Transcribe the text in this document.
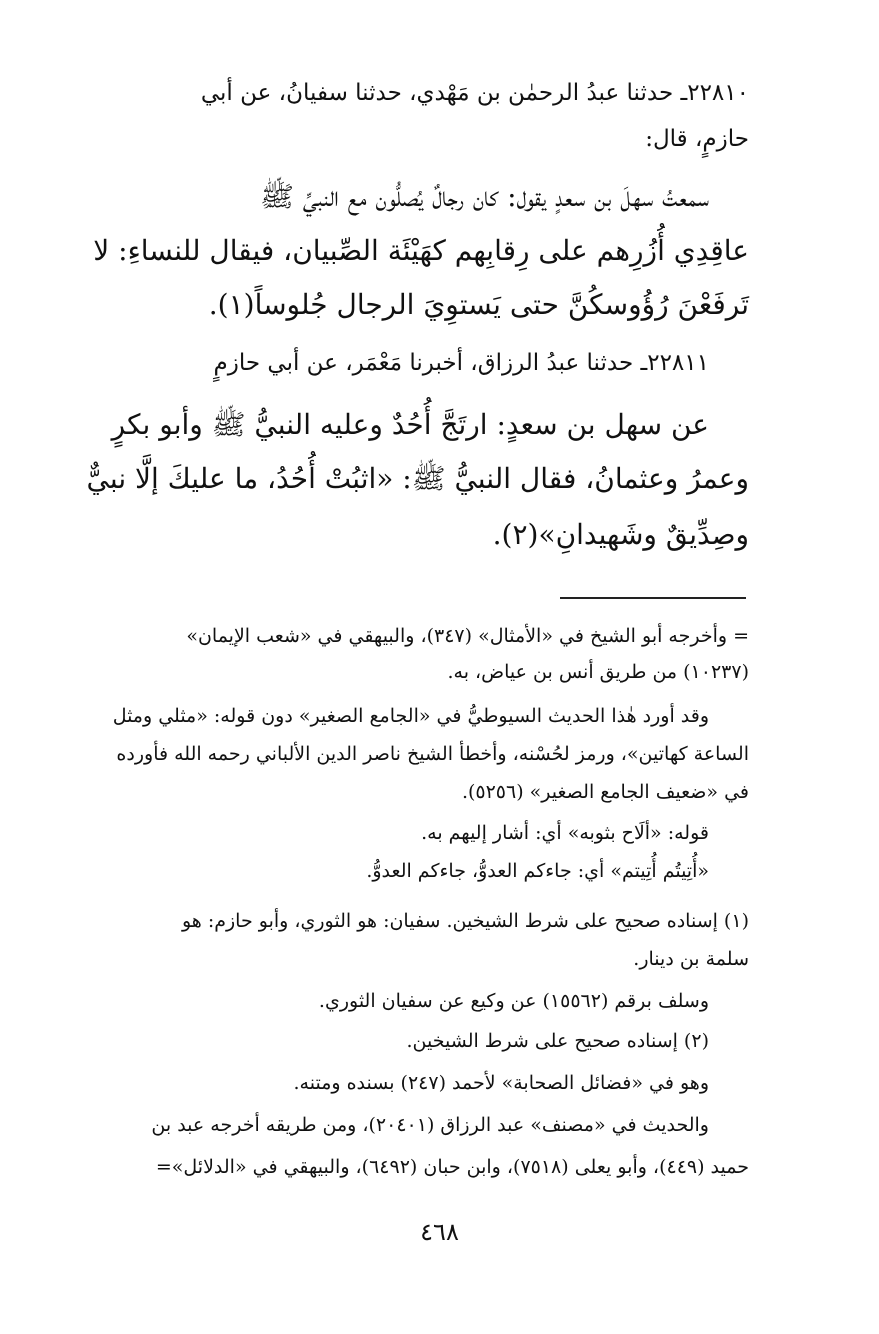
٢٢٨١٠ـ حدثنا عبدُ الرحمٰن بن مَهْدي، حدثنا سفيانُ، عن أبي

حازمٍ، قال:

سمعتُ سهلَ بن سعدٍ يقول: كان رجالٌ يُصلُّون مع النبيِّ ﷺ

عاقِدِي أُزُرِهم على رِقابِهم كهَيْئَة الصِّبيان، فيقال للنساءِ: لا

تَرفَعْنَ رُؤُوسكُنَّ حتى يَستوِيَ الرجال جُلوساً(١).

٢٢٨١١ـ حدثنا عبدُ الرزاق، أخبرنا مَعْمَر، عن أبي حازمٍ

عن سهل بن سعدٍ: ارتَجَّ أُحُدٌ وعليه النبيُّ ﷺ وأبو بكرٍ

وعمرُ وعثمانُ، فقال النبيُّ ﷺ: «اثبُتْ أُحُدُ، ما عليكَ إلَّا نبيٌّ

وصِدِّيقٌ وشَهيدانِ»(٢).

= وأخرجه أبو الشيخ في «الأمثال» (٣٤٧)، والبيهقي في «شعب الإيمان»

(١٠٢٣٧) من طريق أنس بن عياض، به.

وقد أورد هٰذا الحديث السيوطيُّ في «الجامع الصغير» دون قوله: «مثلي ومثل

الساعة كهاتين»، ورمز لحُسْنه، وأخطأ الشيخ ناصر الدين الألباني رحمه الله فأورده

في «ضعيف الجامع الصغير» (٥٢٥٦).

قوله: «ألَاح بثوبه» أي: أشار إليهم به.

«أُتِيتُم أُتِيتم» أي: جاءكم العدوُّ، جاءكم العدوُّ.

(١) إسناده صحيح على شرط الشيخين. سفيان: هو الثوري، وأبو حازم: هو

سلمة بن دينار.

وسلف برقم (١٥٥٦٢) عن وكيع عن سفيان الثوري.

(٢) إسناده صحيح على شرط الشيخين.

وهو في «فضائل الصحابة» لأحمد (٢٤٧) بسنده ومتنه.

والحديث في «مصنف» عبد الرزاق (٢٠٤٠١)، ومن طريقه أخرجه عبد بن

حميد (٤٤٩)، وأبو يعلى (٧٥١٨)، وابن حبان (٦٤٩٢)، والبيهقي في «الدلائل»=

٤٦٨
